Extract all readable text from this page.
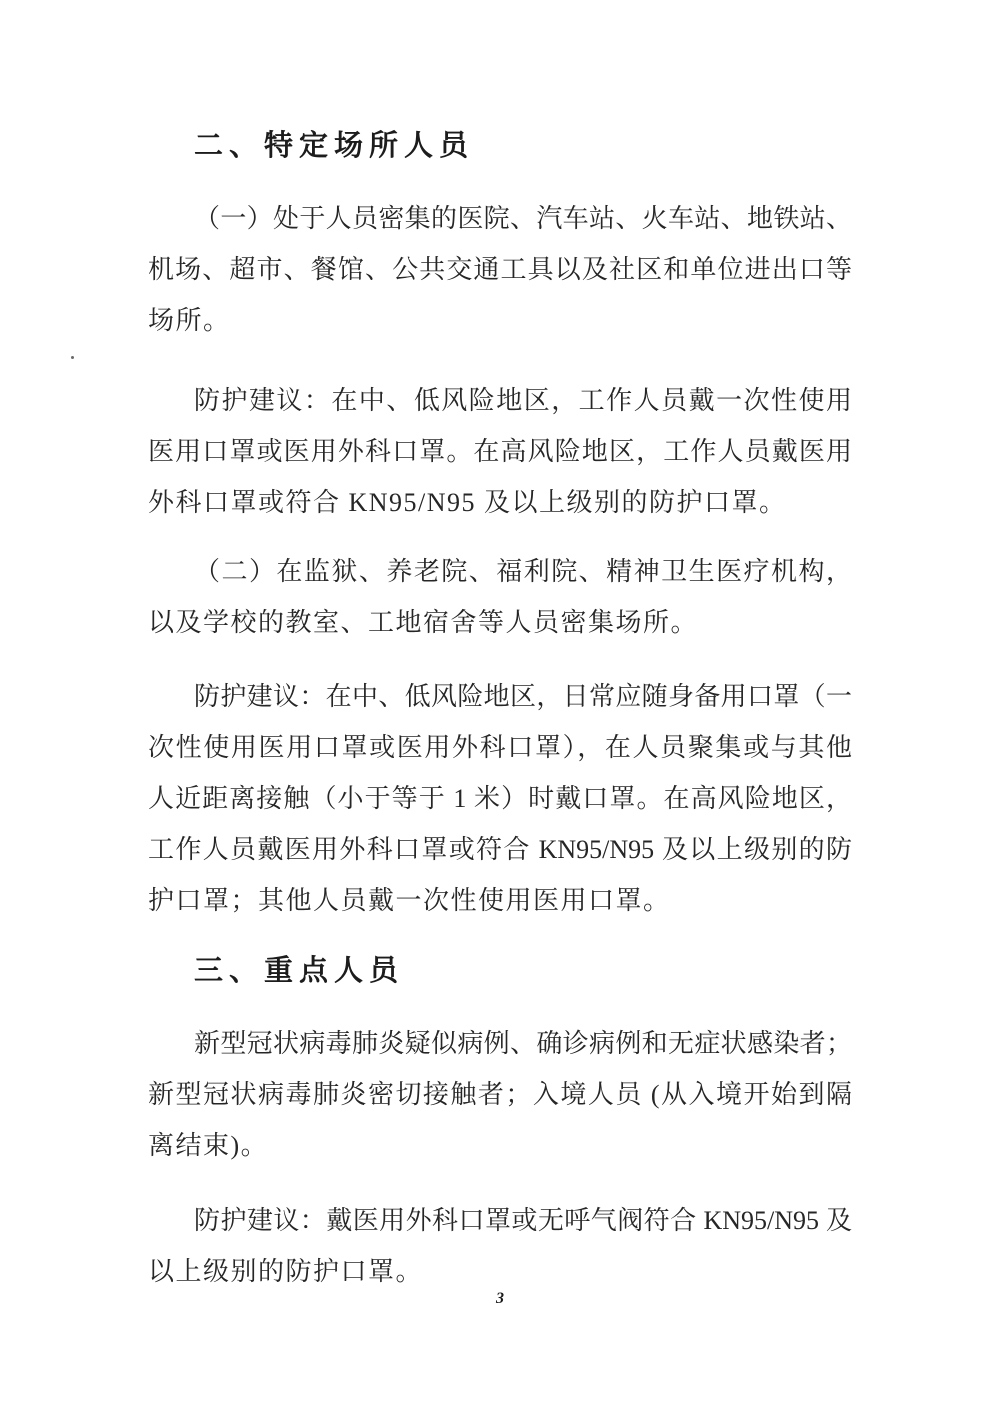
二、特定场所人员
（一）处于人员密集的医院、汽车站、火车站、地铁站、
机场、超市、餐馆、公共交通工具以及社区和单位进出口等
场所。
防护建议：在中、低风险地区，工作人员戴一次性使用
医用口罩或医用外科口罩。在高风险地区，工作人员戴医用
外科口罩或符合 KN95/N95 及以上级别的防护口罩。
（二）在监狱、养老院、福利院、精神卫生医疗机构，
以及学校的教室、工地宿舍等人员密集场所。
防护建议：在中、低风险地区，日常应随身备用口罩（一
次性使用医用口罩或医用外科口罩），在人员聚集或与其他
人近距离接触（小于等于 1 米）时戴口罩。在高风险地区，
工作人员戴医用外科口罩或符合 KN95/N95 及以上级别的防
护口罩；其他人员戴一次性使用医用口罩。
三、重点人员
新型冠状病毒肺炎疑似病例、确诊病例和无症状感染者；
新型冠状病毒肺炎密切接触者；入境人员 (从入境开始到隔
离结束)。
防护建议：戴医用外科口罩或无呼气阀符合 KN95/N95 及
以上级别的防护口罩。
3
